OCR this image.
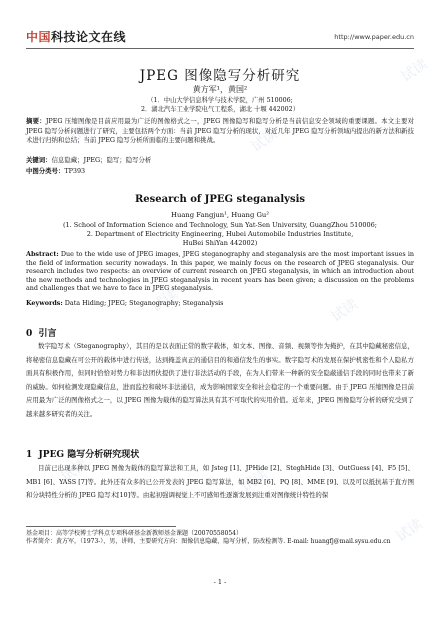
中国科技论文在线	http://www.paper.edu.cn
试读	试读
试读
试读	试读
试读	试读
试读
JPEG 图像隐写分析研究
黄方军¹，黄国²
（1．中山大学信息科学与技术学院，广州 510006;
2．湖北汽车工业学院电气工程系，湖北 十堰 442002）
摘要：JPEG 压缩图像是目前应用最为广泛的图像格式之一，JPEG 图像隐写和隐写分析是当前信息安全领域的重要课题。本文主要对 JPEG 隐写分析问题进行了研究，主要包括两个方面：当前 JPEG 隐写分析的现状，对近几年 JPEG 隐写分析领域内提出的新方法和新技术进行归纳和总结；当前 JPEG 隐写分析所面临的主要问题和挑战。
关键词：信息隐藏；JPEG；隐写；隐写分析
中图分类号：TP393
Research of JPEG steganalysis
Huang Fangjun¹, Huang Gu²
(1. School of Information Science and Technology, Sun Yat-Sen University, GuangZhou 510006;
2. Department of Electricity Engineering, Hubei Automobile Industries Institute,
HuBei ShiYan 442002)
Abstract: Due to the wide use of JPEG images, JPEG steganography and steganalysis are the most important issues in the field of information security nowadays. In this paper, we mainly focus on the research of JPEG steganalysis. Our research includes two respects: an overview of current research on JPEG steganalysis, in which an introduction about the new methods and technologies in JPEG steganalysis in recent years has been given; a discussion on the problems and challenges that we have to face in JPEG steganalysis.
Keywords: Data Hiding; JPEG; Steganography; Steganalysis
0 引言
数字隐写术（Steganography），其目的是以表面正常的数字载体，如文本、图像、音频、视频等作为掩护，在其中隐藏秘密信息，将秘密信息隐藏在可公开的载体中进行传送，达到掩盖真正的通信目的和通信发生的事实。数字隐写术的发展在保护机密性和个人隐私方面具有积极作用，但同时恰恰对势力和非法团伙提供了进行非法活动的手段，在为人们带来一种新的安全隐蔽通信手段的同时也带来了新的威胁。如何检测发现隐藏信息，进而监控和破坏非法通信，成为影响国家安全和社会稳定的一个重要问题。由于 JPEG 压缩图像是目前应用最为广泛的图像格式之一，以 JPEG 图像为载体的隐写算法具有其不可取代的实用价值。近年来，JPEG 图像隐写分析的研究受到了越来越多研究者的关注。
1 JPEG 隐写分析研究现状
目前已出现多种以 JPEG 图像为载体的隐写算法和工具，如 Jsteg [1]、JPHide [2]、SteghHide [3]、OutGuess [4]、F5 [5]、MB1 [6]、YASS [7]等。此外还有众多的已公开发表的 JPEG 隐写算法，如 MB2 [6]、PQ [8]、MME [9]、以及可以抵抗基于直方图和分块特性分析的 JPEG 隐写术[10]等。由起初强调视觉上不可感知性逐渐发展到注重对图像统计特性的保
基金项目：高等学校博士学科点专项科研基金新教师基金课题（20070558054）
作者简介：黄方军，（1973-），男，讲师，主要研究方向：图像信息隐藏，隐写分析，防改检测等. E-mail: huangfj@mail.sysu.edu.cn
- 1 -
